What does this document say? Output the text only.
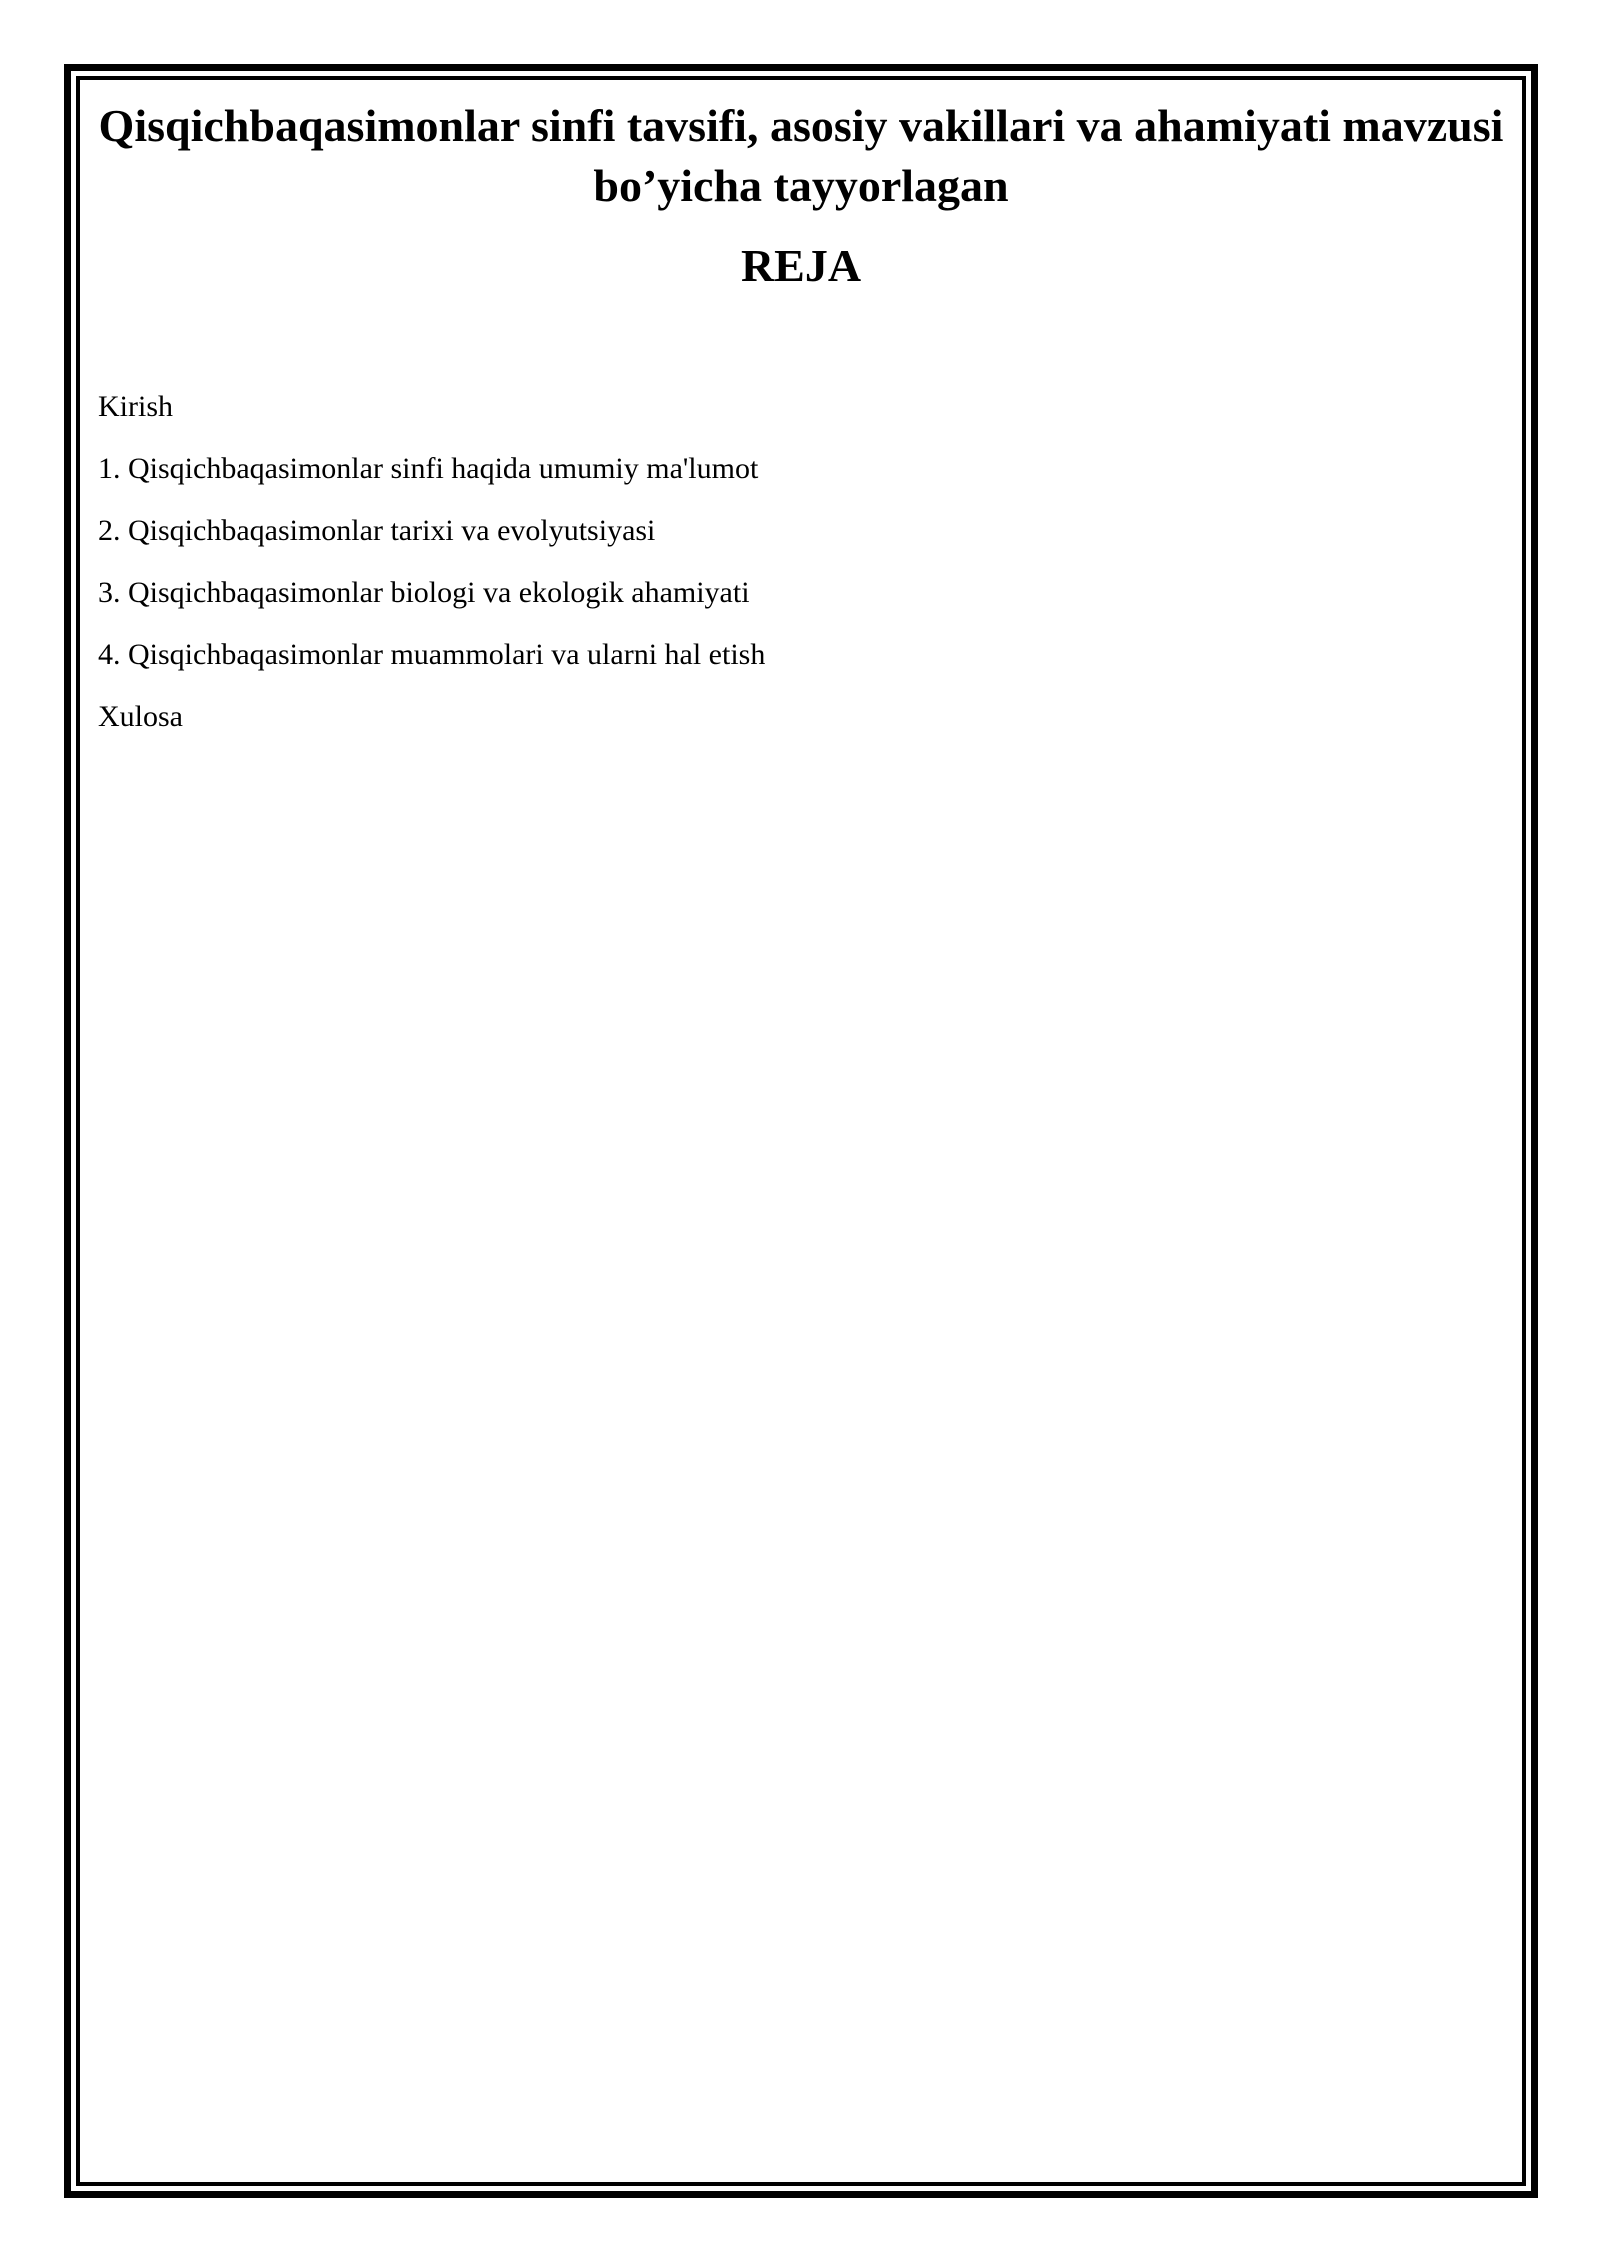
Qisqichbaqasimonlar sinfi tavsifi, asosiy vakillari va ahamiyati mavzusi bo’yicha tayyorlagan
REJA
Kirish
1. Qisqichbaqasimonlar sinfi haqida umumiy ma'lumot
2. Qisqichbaqasimonlar tarixi va evolyutsiyasi
3. Qisqichbaqasimonlar biologi va ekologik ahamiyati
4. Qisqichbaqasimonlar muammolari va ularni hal etish
Xulosa
